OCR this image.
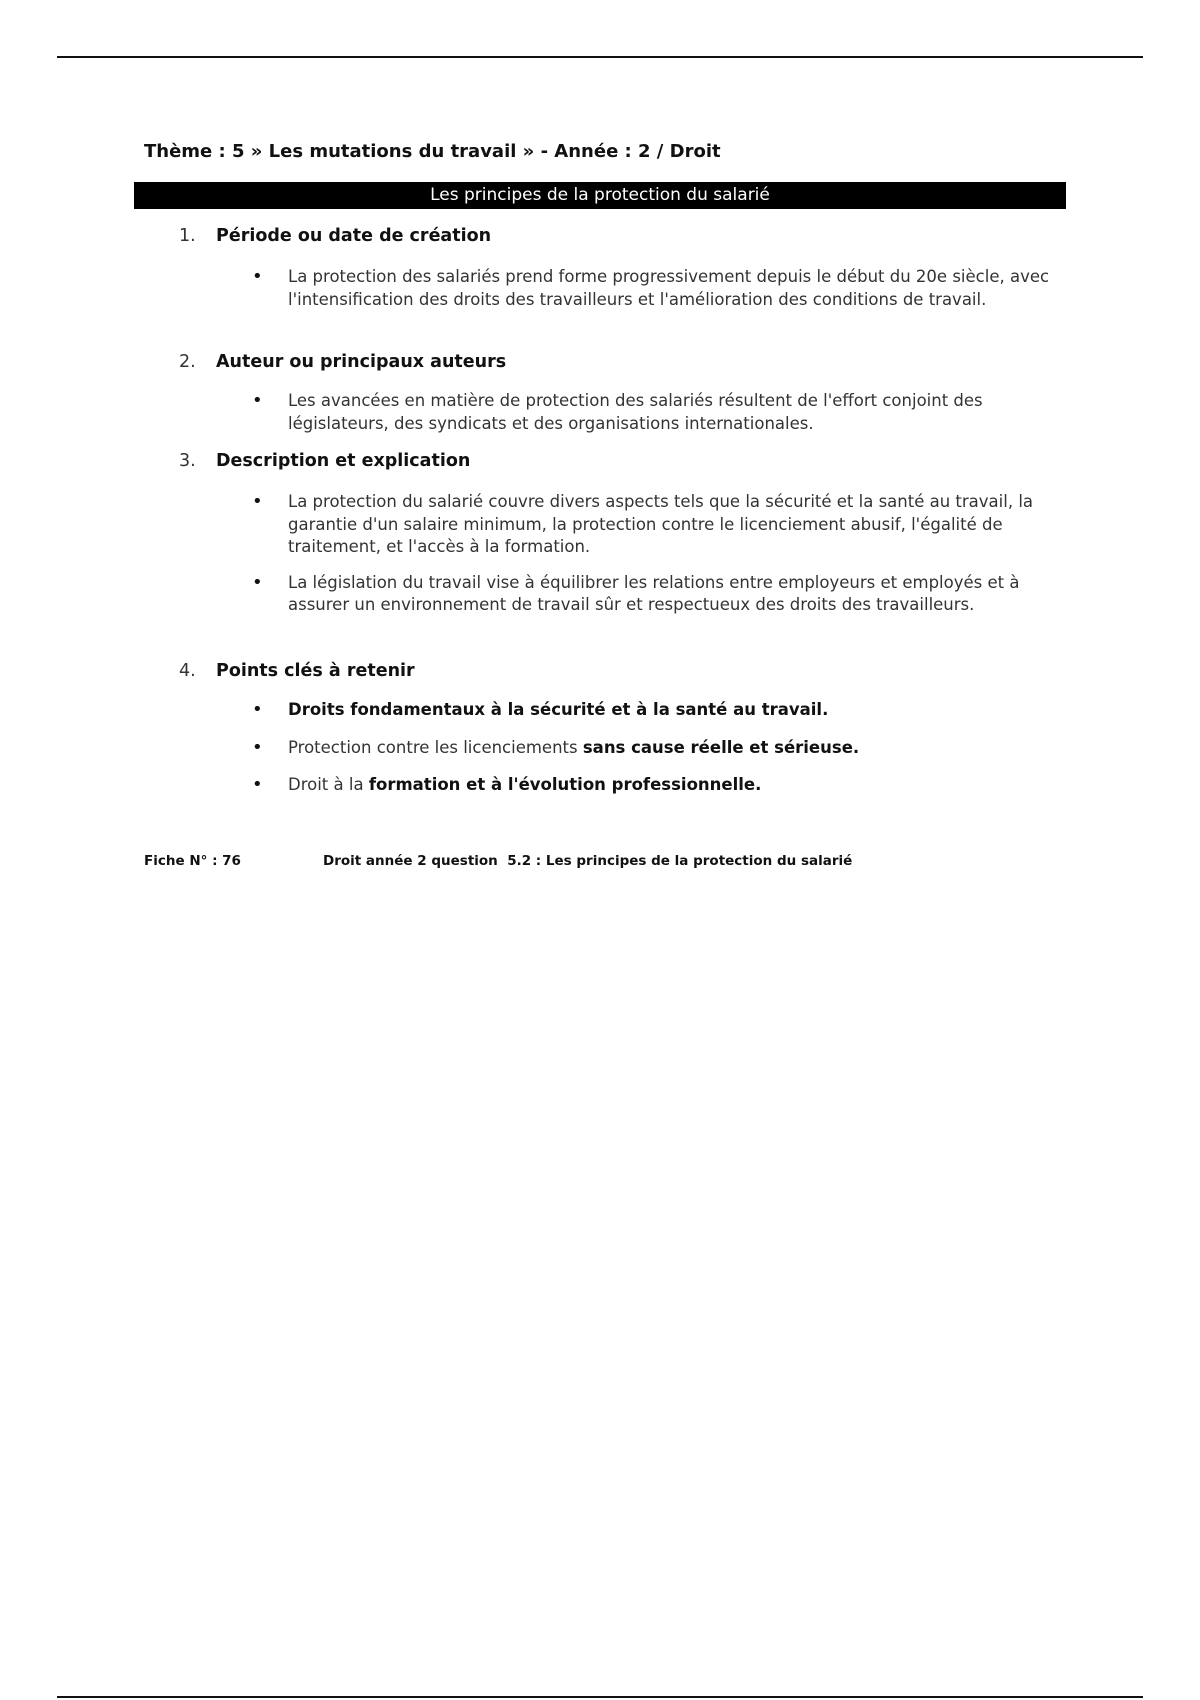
Thème : 5 » Les mutations du travail » - Année : 2 / Droit
Les principes de la protection du salarié
1. Période ou date de création
• La protection des salariés prend forme progressivement depuis le début du 20e siècle, avec l'intensification des droits des travailleurs et l'amélioration des conditions de travail.
2. Auteur ou principaux auteurs
• Les avancées en matière de protection des salariés résultent de l'effort conjoint des législateurs, des syndicats et des organisations internationales.
3. Description et explication
• La protection du salarié couvre divers aspects tels que la sécurité et la santé au travail, la garantie d'un salaire minimum, la protection contre le licenciement abusif, l'égalité de traitement, et l'accès à la formation.
• La législation du travail vise à équilibrer les relations entre employeurs et employés et à assurer un environnement de travail sûr et respectueux des droits des travailleurs.
4. Points clés à retenir
• Droits fondamentaux à la sécurité et à la santé au travail.
• Protection contre les licenciements sans cause réelle et sérieuse.
• Droit à la formation et à l'évolution professionnelle.
Fiche N° : 76	Droit année 2 question  5.2 : Les principes de la protection du salarié
